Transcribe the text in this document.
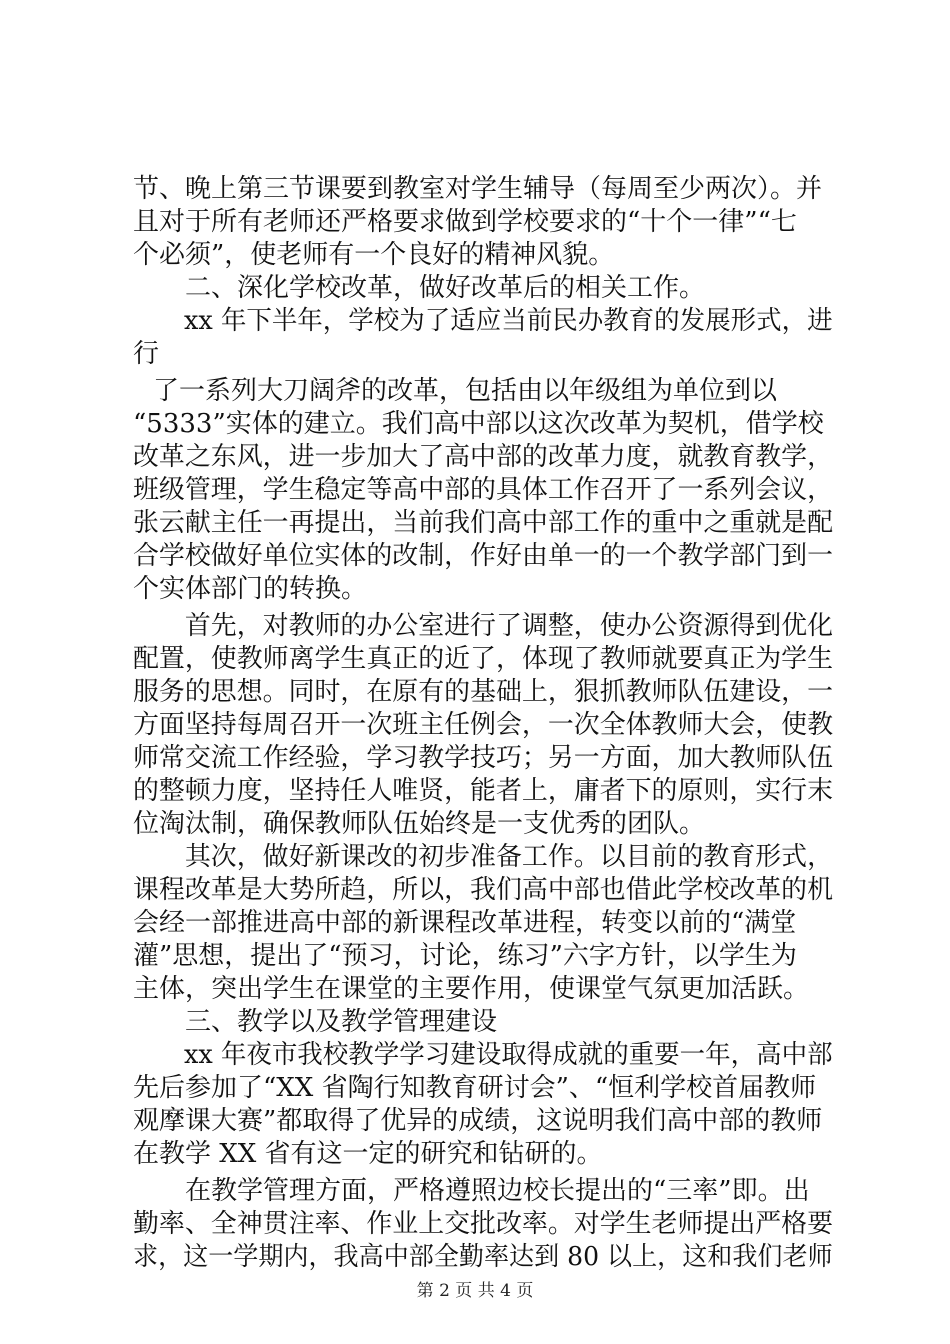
节、晚上第三节课要到教室对学生辅导（每周至少两次）。并
且对于所有老师还严格要求做到学校要求的“十个一律”“七
个必须”，使老师有一个良好的精神风貌。
二、深化学校改革，做好改革后的相关工作。
xx 年下半年，学校为了适应当前民办教育的发展形式，进
行
了一系列大刀阔斧的改革，包括由以年级组为单位到以
“5333”实体的建立。我们高中部以这次改革为契机，借学校
改革之东风，进一步加大了高中部的改革力度，就教育教学，
班级管理，学生稳定等高中部的具体工作召开了一系列会议，
张云献主任一再提出，当前我们高中部工作的重中之重就是配
合学校做好单位实体的改制，作好由单一的一个教学部门到一
个实体部门的转换。
首先，对教师的办公室进行了调整，使办公资源得到优化
配置，使教师离学生真正的近了，体现了教师就要真正为学生
服务的思想。同时，在原有的基础上，狠抓教师队伍建设，一
方面坚持每周召开一次班主任例会，一次全体教师大会，使教
师常交流工作经验，学习教学技巧；另一方面，加大教师队伍
的整顿力度，坚持任人唯贤，能者上，庸者下的原则，实行末
位淘汰制，确保教师队伍始终是一支优秀的团队。
其次，做好新课改的初步准备工作。以目前的教育形式，
课程改革是大势所趋，所以，我们高中部也借此学校改革的机
会经一部推进高中部的新课程改革进程，转变以前的“满堂
灌”思想，提出了“预习，讨论，练习”六字方针，以学生为
主体，突出学生在课堂的主要作用，使课堂气氛更加活跃。
三、教学以及教学管理建设
xx 年夜市我校教学学习建设取得成就的重要一年，高中部
先后参加了“XX 省陶行知教育研讨会”、“恒利学校首届教师
观摩课大赛”都取得了优异的成绩，这说明我们高中部的教师
在教学 XX 省有这一定的研究和钻研的。
在教学管理方面，严格遵照边校长提出的“三率”即。出
勤率、全神贯注率、作业上交批改率。对学生老师提出严格要
求，这一学期内，我高中部全勤率达到 80 以上，这和我们老师
第 2 页 共 4 页
